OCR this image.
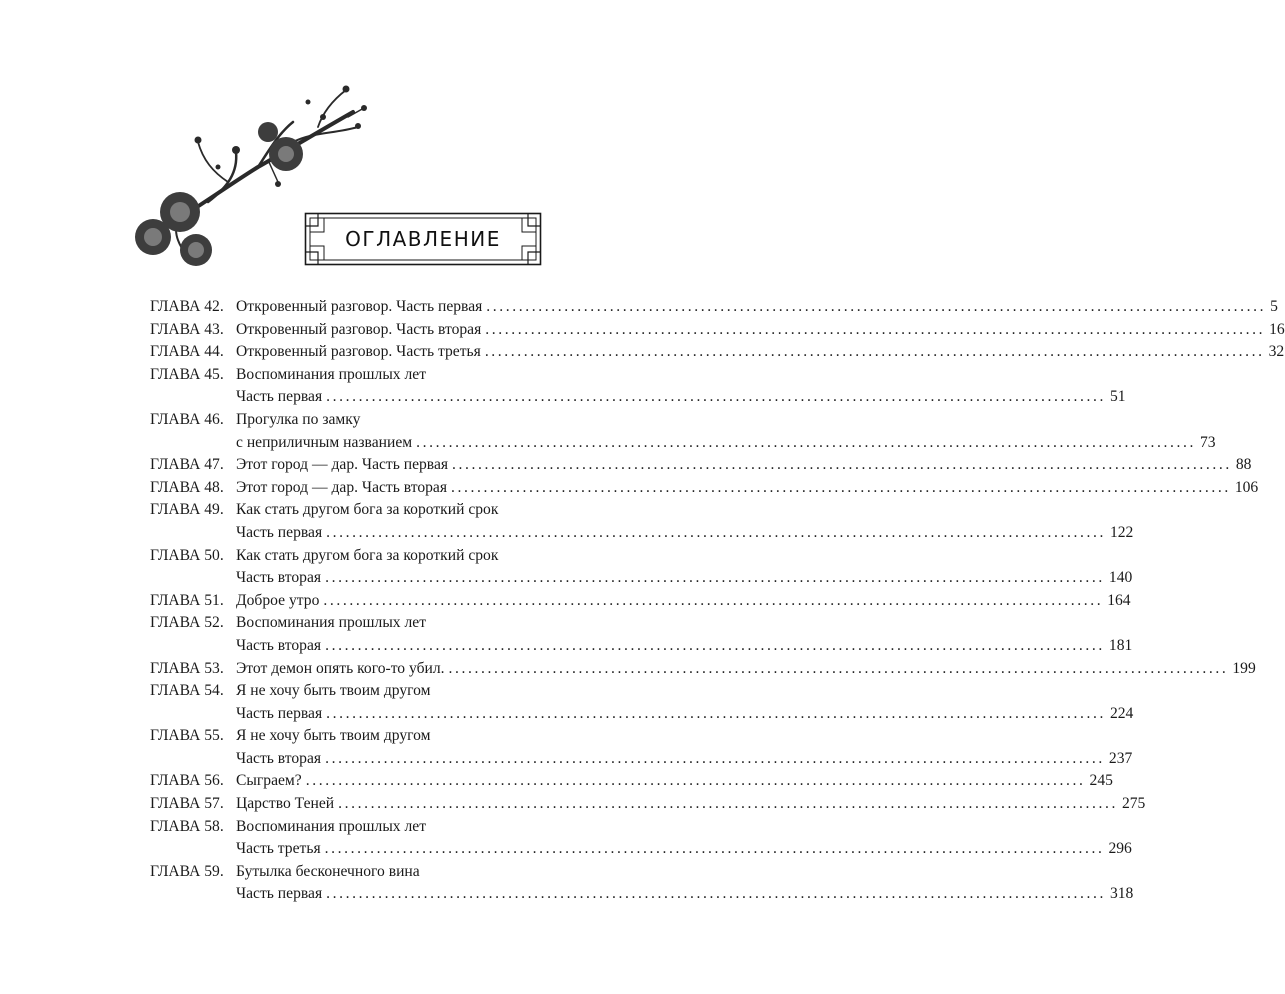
ОГЛАВЛЕНИЕ
ГЛАВА 42. Откровенный разговор. Часть первая ........................................................................................................................ 5
ГЛАВА 43. Откровенный разговор. Часть вторая ........................................................................................................................ 16
ГЛАВА 44. Откровенный разговор. Часть третья ........................................................................................................................ 32
ГЛАВА 45. Воспоминания прошлых лет
Часть первая ........................................................................................................................ 51
ГЛАВА 46. Прогулка по замку
с неприличным названием ........................................................................................................................ 73
ГЛАВА 47. Этот город — дар. Часть первая ........................................................................................................................ 88
ГЛАВА 48. Этот город — дар. Часть вторая ........................................................................................................................ 106
ГЛАВА 49. Как стать другом бога за короткий срок
Часть первая ........................................................................................................................ 122
ГЛАВА 50. Как стать другом бога за короткий срок
Часть вторая ........................................................................................................................ 140
ГЛАВА 51. Доброе утро ........................................................................................................................ 164
ГЛАВА 52. Воспоминания прошлых лет
Часть вторая ........................................................................................................................ 181
ГЛАВА 53. Этот демон опять кого-то убил. ........................................................................................................................ 199
ГЛАВА 54. Я не хочу быть твоим другом
Часть первая ........................................................................................................................ 224
ГЛАВА 55. Я не хочу быть твоим другом
Часть вторая ........................................................................................................................ 237
ГЛАВА 56. Сыграем? ........................................................................................................................ 245
ГЛАВА 57. Царство Теней ........................................................................................................................ 275
ГЛАВА 58. Воспоминания прошлых лет
Часть третья ........................................................................................................................ 296
ГЛАВА 59. Бутылка бесконечного вина
Часть первая ........................................................................................................................ 318
